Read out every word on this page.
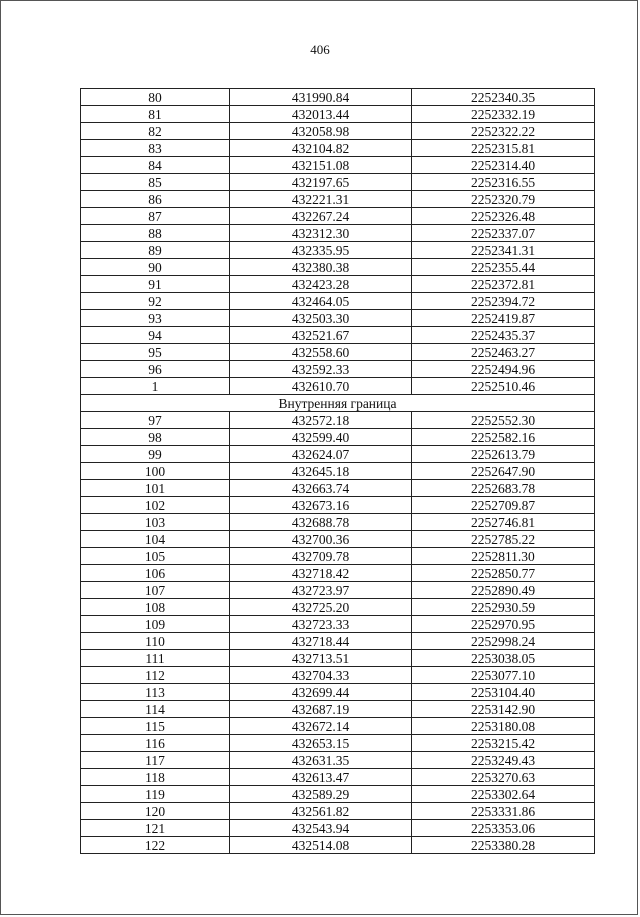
406
80	431990.84	2252340.35
81	432013.44	2252332.19
82	432058.98	2252322.22
83	432104.82	2252315.81
84	432151.08	2252314.40
85	432197.65	2252316.55
86	432221.31	2252320.79
87	432267.24	2252326.48
88	432312.30	2252337.07
89	432335.95	2252341.31
90	432380.38	2252355.44
91	432423.28	2252372.81
92	432464.05	2252394.72
93	432503.30	2252419.87
94	432521.67	2252435.37
95	432558.60	2252463.27
96	432592.33	2252494.96
1	432610.70	2252510.46
Внутренняя граница		
97	432572.18	2252552.30
98	432599.40	2252582.16
99	432624.07	2252613.79
100	432645.18	2252647.90
101	432663.74	2252683.78
102	432673.16	2252709.87
103	432688.78	2252746.81
104	432700.36	2252785.22
105	432709.78	2252811.30
106	432718.42	2252850.77
107	432723.97	2252890.49
108	432725.20	2252930.59
109	432723.33	2252970.95
110	432718.44	2252998.24
111	432713.51	2253038.05
112	432704.33	2253077.10
113	432699.44	2253104.40
114	432687.19	2253142.90
115	432672.14	2253180.08
116	432653.15	2253215.42
117	432631.35	2253249.43
118	432613.47	2253270.63
119	432589.29	2253302.64
120	432561.82	2253331.86
121	432543.94	2253353.06
122	432514.08	2253380.28
